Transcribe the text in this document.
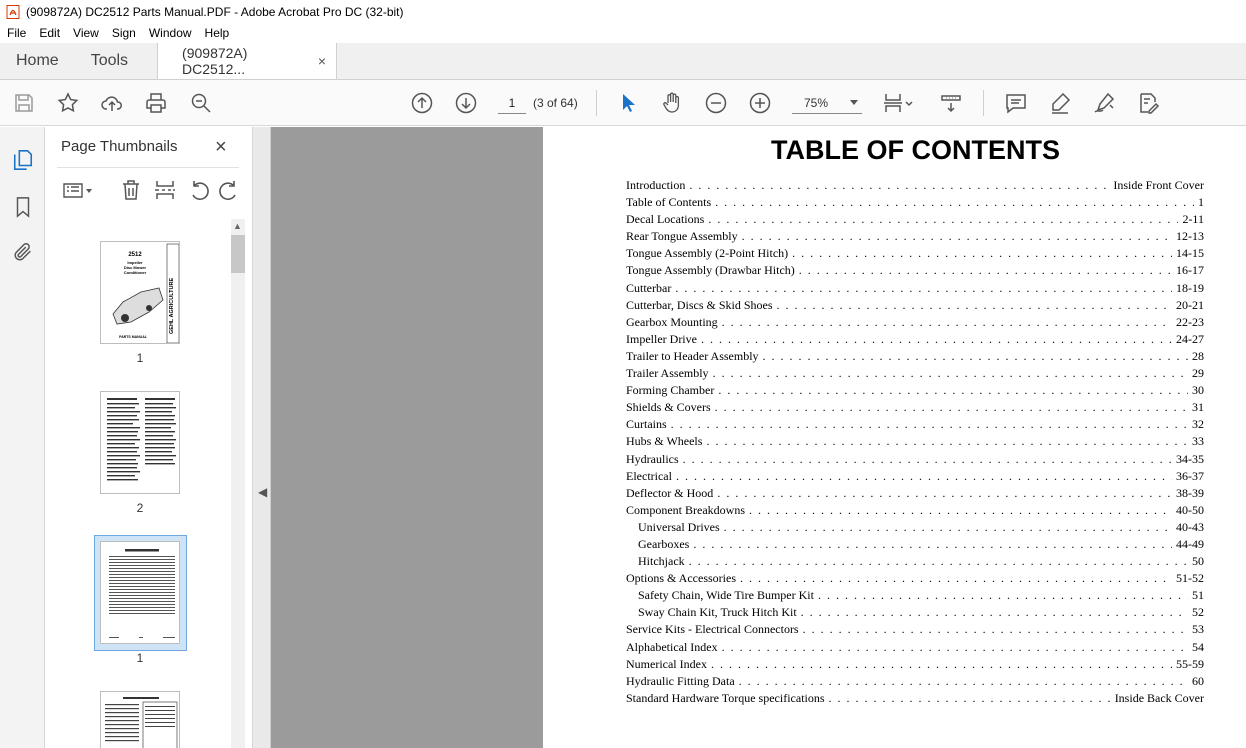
(909872A) DC2512 Parts Manual.PDF - Adobe Acrobat Pro DC (32-bit)
File	Edit	View	Sign	Window	Help
Home	Tools	(909872A) DC2512...	×
1
(3 of 64)	75%
Page Thumbnails ×
2512
Impeller
Disc Mower
Conditioner
GEHL AGRICULTURE
PARTS MANUAL
1
2
1
▲
◀
TABLE OF CONTENTS
Introduction . . .	Inside Front Cover
Table of Contents . . .	1
Decal Locations . . .	2-11
Rear Tongue Assembly . . .	12-13
Tongue Assembly (2-Point Hitch) . . .	14-15
Tongue Assembly (Drawbar Hitch) . . .	16-17
Cutterbar . . .	18-19
Cutterbar, Discs & Skid Shoes . . .	20-21
Gearbox Mounting . . .	22-23
Impeller Drive . . .	24-27
Trailer to Header Assembly . . .	28
Trailer Assembly . . .	29
Forming Chamber . . .	30
Shields & Covers . . .	31
Curtains . . .	32
Hubs & Wheels . . .	33
Hydraulics . . .	34-35
Electrical . . .	36-37
Deflector & Hood . . .	38-39
Component Breakdowns . . .	40-50
Universal Drives . . .	40-43
Gearboxes . . .	44-49
Hitchjack . . .	50
Options & Accessories . . .	51-52
Safety Chain, Wide Tire Bumper Kit . . .	51
Sway Chain Kit, Truck Hitch Kit . . .	52
Service Kits - Electrical Connectors . . .	53
Alphabetical Index . . .	54
Numerical Index . . .	55-59
Hydraulic Fitting Data . . .	60
Standard Hardware Torque specifications . . .	Inside Back Cover
